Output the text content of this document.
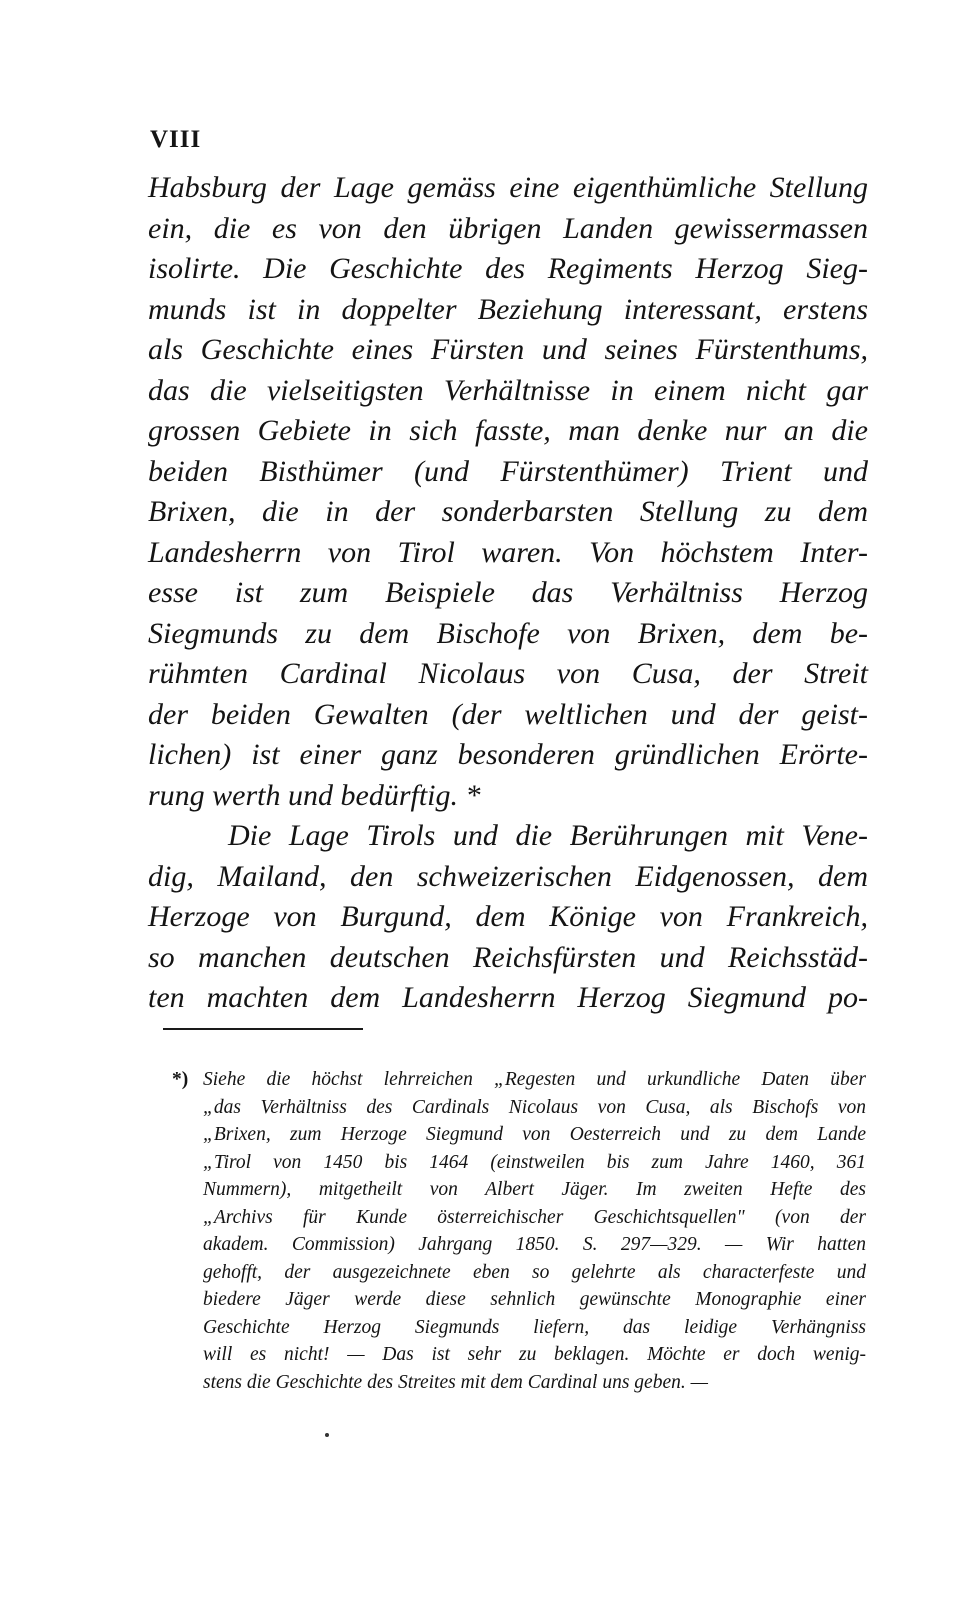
VIII
Habsburg der Lage gemäss eine eigenthümliche Stellung
ein, die es von den übrigen Landen gewissermassen
isolirte. Die Geschichte des Regiments Herzog Sieg-
munds ist in doppelter Beziehung interessant, erstens
als Geschichte eines Fürsten und seines Fürstenthums,
das die vielseitigsten Verhältnisse in einem nicht gar
grossen Gebiete in sich fasste, man denke nur an die
beiden Bisthümer (und Fürstenthümer) Trient und
Brixen, die in der sonderbarsten Stellung zu dem
Landesherrn von Tirol waren. Von höchstem Inter-
esse ist zum Beispiele das Verhältniss Herzog
Siegmunds zu dem Bischofe von Brixen, dem be-
rühmten Cardinal Nicolaus von Cusa, der Streit
der beiden Gewalten (der weltlichen und der geist-
lichen) ist einer ganz besonderen gründlichen Erörte-
rung werth und bedürftig. *
Die Lage Tirols und die Berührungen mit Vene-
dig, Mailand, den schweizerischen Eidgenossen, dem
Herzoge von Burgund, dem Könige von Frankreich,
so manchen deutschen Reichsfürsten und Reichsstäd-
ten machten dem Landesherrn Herzog Siegmund po-
*) Siehe die höchst lehrreichen „Regesten und urkundliche Daten über
„das Verhältniss des Cardinals Nicolaus von Cusa, als Bischofs von
„Brixen, zum Herzoge Siegmund von Oesterreich und zu dem Lande
„Tirol von 1450 bis 1464 (einstweilen bis zum Jahre 1460, 361
Nummern), mitgetheilt von Albert Jäger. Im zweiten Hefte des
„Archivs für Kunde österreichischer Geschichtsquellen" (von der
akadem. Commission) Jahrgang 1850. S. 297—329. — Wir hatten
gehofft, der ausgezeichnete eben so gelehrte als characterfeste und
biedere Jäger werde diese sehnlich gewünschte Monographie einer
Geschichte Herzog Siegmunds liefern, das leidige Verhängniss
will es nicht! — Das ist sehr zu beklagen. Möchte er doch wenig-
stens die Geschichte des Streites mit dem Cardinal uns geben. —
